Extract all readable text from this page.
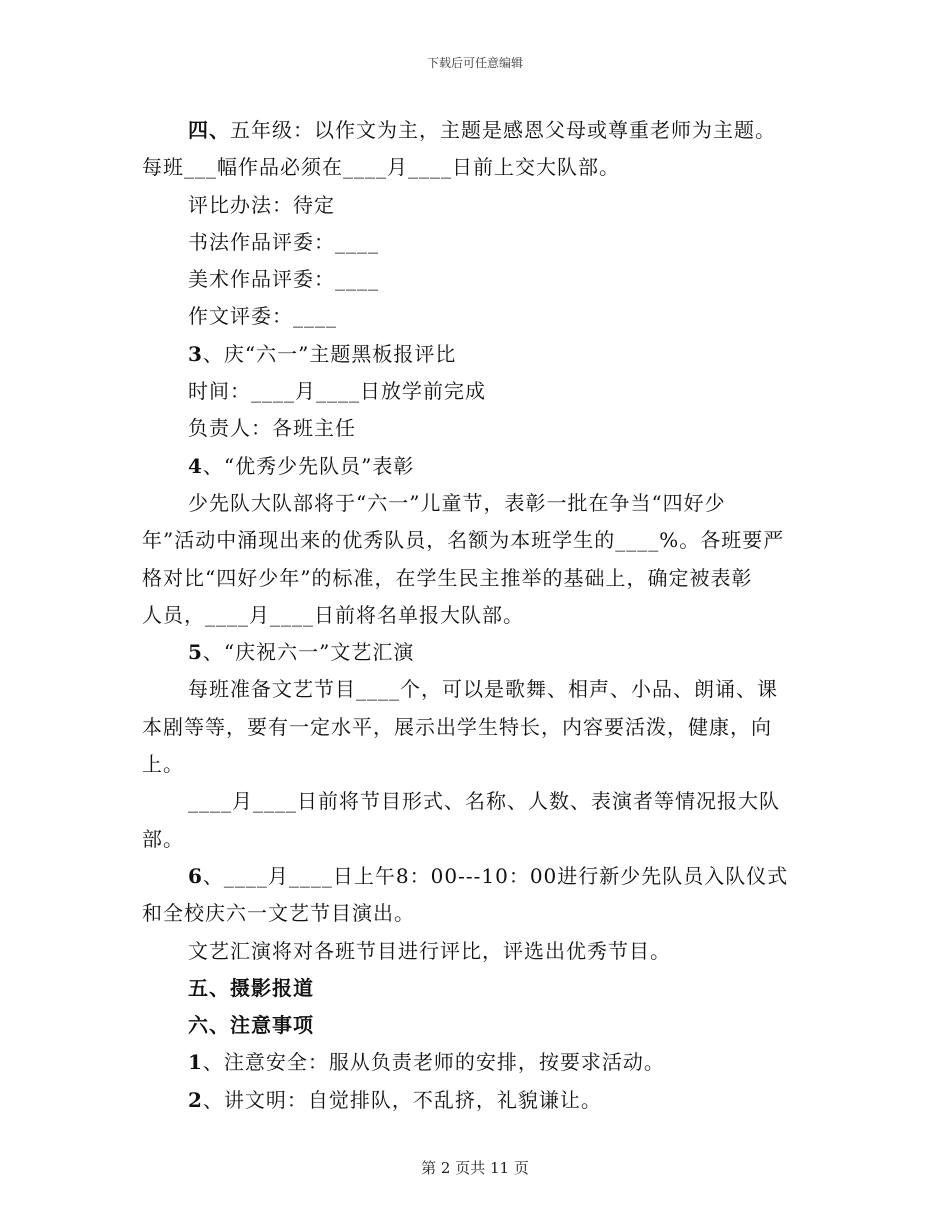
下载后可任意编辑

四、五年级：以作文为主，主题是感恩父母或尊重老师为主题。

每班___幅作品必须在____月____日前上交大队部。

评比办法：待定

书法作品评委：____

美术作品评委：____

作文评委：____

3、庆“六一”主题黑板报评比

时间：____月____日放学前完成

负责人：各班主任

4、“优秀少先队员”表彰

少先队大队部将于“六一”儿童节，表彰一批在争当“四好少

年”活动中涌现出来的优秀队员，名额为本班学生的____%。各班要严

格对比“四好少年”的标准，在学生民主推举的基础上，确定被表彰

人员，____月____日前将名单报大队部。

5、“庆祝六一”文艺汇演

每班准备文艺节目____个，可以是歌舞、相声、小品、朗诵、课

本剧等等，要有一定水平，展示出学生特长，内容要活泼，健康，向

上。

____月____日前将节目形式、名称、人数、表演者等情况报大队

部。

6、____月____日上午8：00---10：00进行新少先队员入队仪式

和全校庆六一文艺节目演出。

文艺汇演将对各班节目进行评比，评选出优秀节目。

五、摄影报道

六、注意事项

1、注意安全：服从负责老师的安排，按要求活动。

2、讲文明：自觉排队，不乱挤，礼貌谦让。

第 2 页共 11 页
